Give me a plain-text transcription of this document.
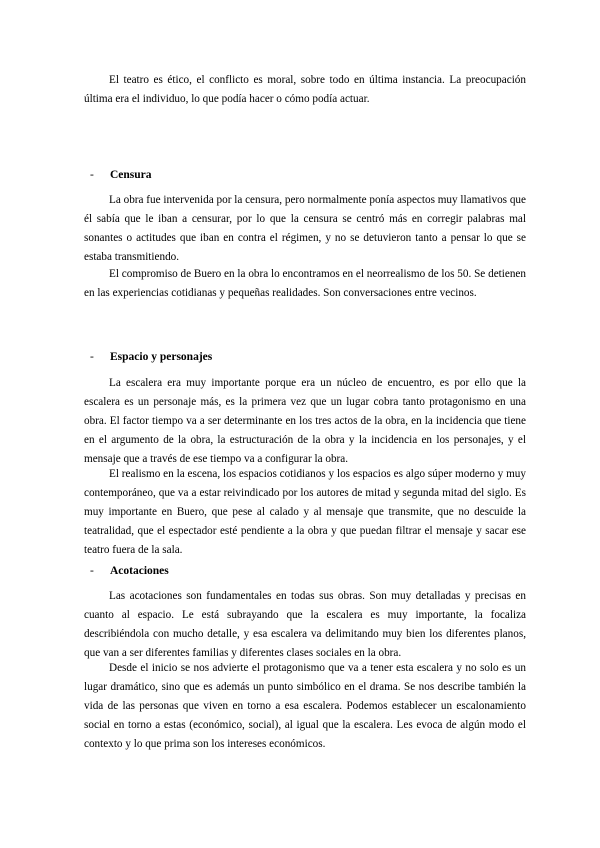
El teatro es ético, el conflicto es moral, sobre todo en última instancia. La preocupación última era el individuo, lo que podía hacer o cómo podía actuar.

- Censura

La obra fue intervenida por la censura, pero normalmente ponía aspectos muy llamativos que él sabía que le iban a censurar, por lo que la censura se centró más en corregir palabras mal sonantes o actitudes que iban en contra el régimen, y no se detuvieron tanto a pensar lo que se estaba transmitiendo.

El compromiso de Buero en la obra lo encontramos en el neorrealismo de los 50. Se detienen en las experiencias cotidianas y pequeñas realidades. Son conversaciones entre vecinos.

- Espacio y personajes

La escalera era muy importante porque era un núcleo de encuentro, es por ello que la escalera es un personaje más, es la primera vez que un lugar cobra tanto protagonismo en una obra. El factor tiempo va a ser determinante en los tres actos de la obra, en la incidencia que tiene en el argumento de la obra, la estructuración de la obra y la incidencia en los personajes, y el mensaje que a través de ese tiempo va a configurar la obra.

El realismo en la escena, los espacios cotidianos y los espacios es algo súper moderno y muy contemporáneo, que va a estar reivindicado por los autores de mitad y segunda mitad del siglo. Es muy importante en Buero, que pese al calado y al mensaje que transmite, que no descuide la teatralidad, que el espectador esté pendiente a la obra y que puedan filtrar el mensaje y sacar ese teatro fuera de la sala.

- Acotaciones

Las acotaciones son fundamentales en todas sus obras. Son muy detalladas y precisas en cuanto al espacio. Le está subrayando que la escalera es muy importante, la focaliza describiéndola con mucho detalle, y esa escalera va delimitando muy bien los diferentes planos, que van a ser diferentes familias y diferentes clases sociales en la obra.

Desde el inicio se nos advierte el protagonismo que va a tener esta escalera y no solo es un lugar dramático, sino que es además un punto simbólico en el drama. Se nos describe también la vida de las personas que viven en torno a esa escalera. Podemos establecer un escalonamiento social en torno a estas (económico, social), al igual que la escalera. Les evoca de algún modo el contexto y lo que prima son los intereses económicos.
